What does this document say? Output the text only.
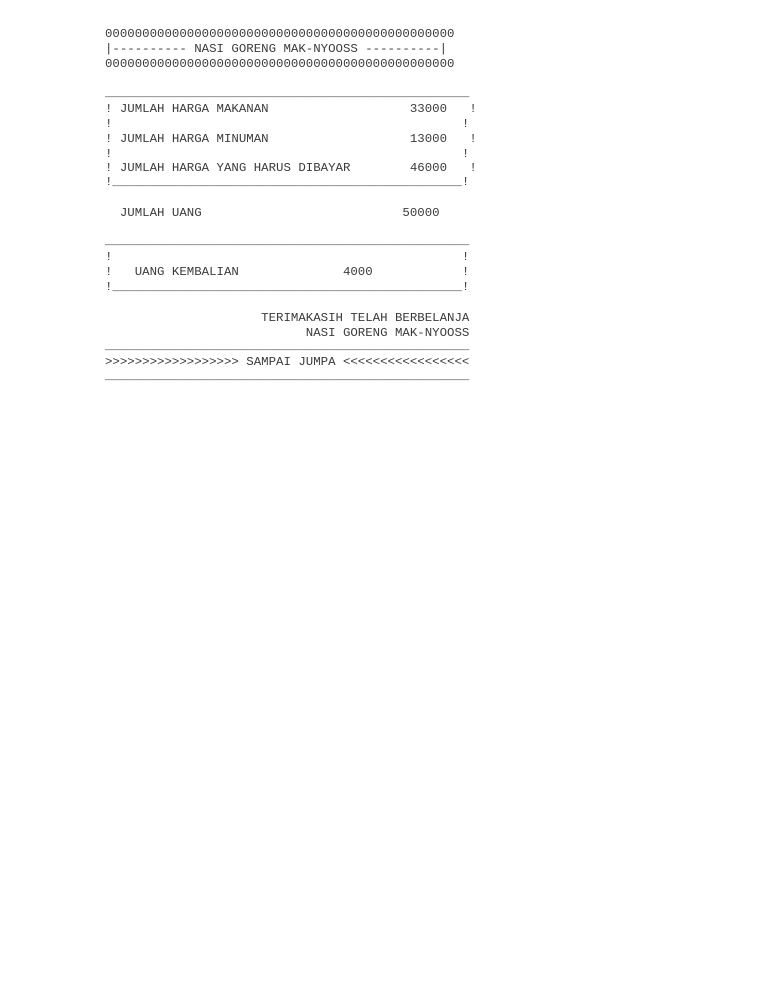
00000000000000000000000000000000000000000000000

|---------- NASI GORENG MAK-NYOOSS ----------|

00000000000000000000000000000000000000000000000

_________________________________________________

! JUMLAH HARGA MAKANAN                   33000   !

!                                               !

! JUMLAH HARGA MINUMAN                   13000   !

!                                               !

! JUMLAH HARGA YANG HARUS DIBAYAR        46000   !

!_______________________________________________!

JUMLAH UANG                           50000

_________________________________________________

!                                               !

!   UANG KEMBALIAN              4000            !

!_______________________________________________!

TERIMAKASIH TELAH BERBELANJA

NASI GORENG MAK-NYOOSS

_________________________________________________

>>>>>>>>>>>>>>>>>> SAMPAI JUMPA <<<<<<<<<<<<<<<<<

_________________________________________________
